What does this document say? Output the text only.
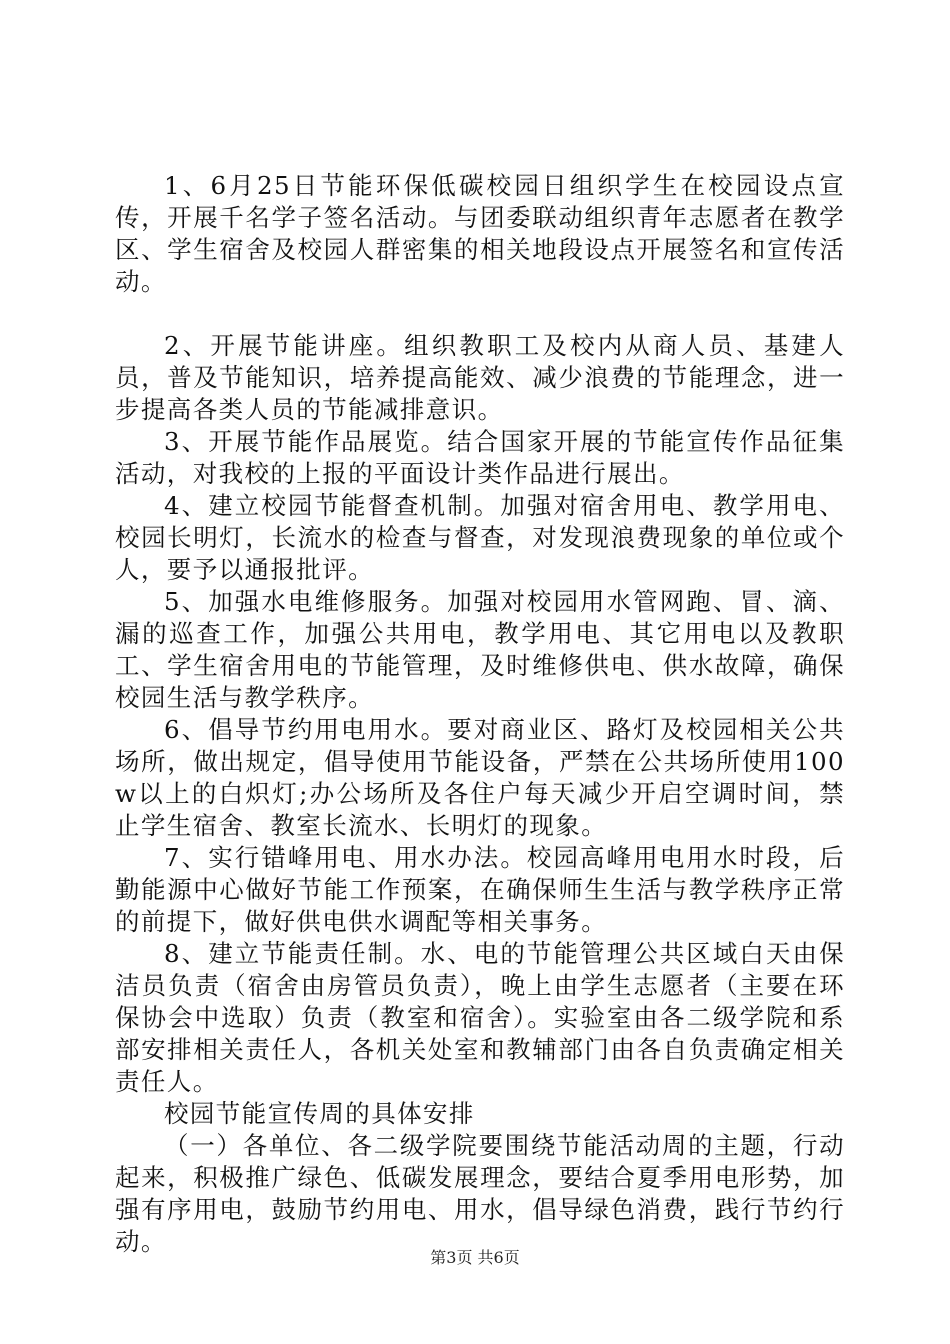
1、6月25日节能环保低碳校园日组织学生在校园设点宣传，开展千名学子签名活动。与团委联动组织青年志愿者在教学区、学生宿舍及校园人群密集的相关地段设点开展签名和宣传活动。

2、开展节能讲座。组织教职工及校内从商人员、基建人员，普及节能知识，培养提高能效、减少浪费的节能理念，进一步提高各类人员的节能减排意识。

3、开展节能作品展览。结合国家开展的节能宣传作品征集活动，对我校的上报的平面设计类作品进行展出。

4、建立校园节能督查机制。加强对宿舍用电、教学用电、校园长明灯，长流水的检查与督查，对发现浪费现象的单位或个人，要予以通报批评。

5、加强水电维修服务。加强对校园用水管网跑、冒、滴、漏的巡查工作，加强公共用电，教学用电、其它用电以及教职工、学生宿舍用电的节能管理，及时维修供电、供水故障，确保校园生活与教学秩序。

6、倡导节约用电用水。要对商业区、路灯及校园相关公共场所，做出规定，倡导使用节能设备，严禁在公共场所使用100w以上的白炽灯;办公场所及各住户每天减少开启空调时间，禁止学生宿舍、教室长流水、长明灯的现象。

7、实行错峰用电、用水办法。校园高峰用电用水时段，后勤能源中心做好节能工作预案，在确保师生生活与教学秩序正常的前提下，做好供电供水调配等相关事务。

8、建立节能责任制。水、电的节能管理公共区域白天由保洁员负责（宿舍由房管员负责），晚上由学生志愿者（主要在环保协会中选取）负责（教室和宿舍）。实验室由各二级学院和系部安排相关责任人，各机关处室和教辅部门由各自负责确定相关责任人。

校园节能宣传周的具体安排

（一）各单位、各二级学院要围绕节能活动周的主题，行动起来，积极推广绿色、低碳发展理念，要结合夏季用电形势，加强有序用电，鼓励节约用电、用水，倡导绿色消费，践行节约行动。

第3页 共6页
